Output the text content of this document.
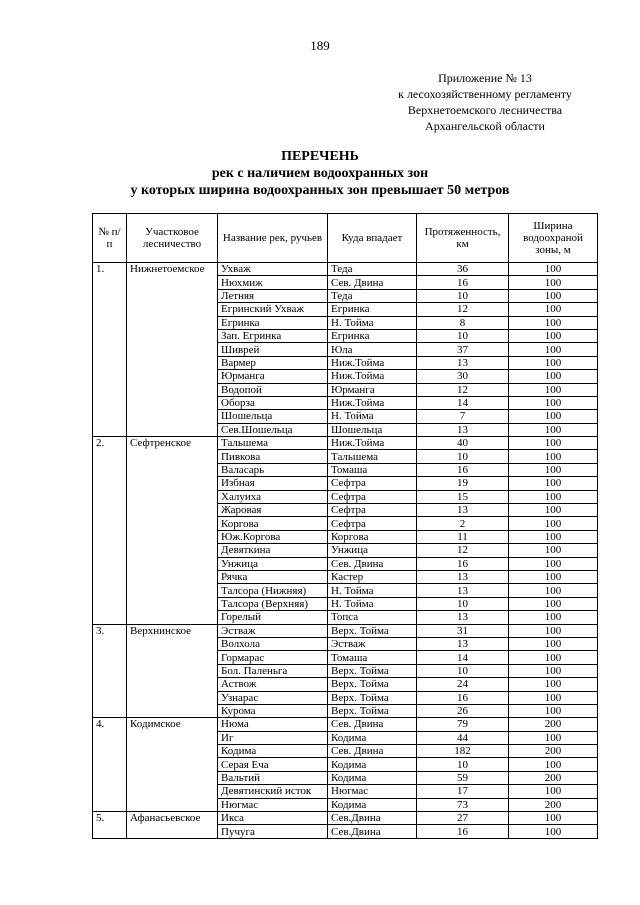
189
Приложение № 13
к лесохозяйственному регламенту
Верхнетоемского лесничества
Архангельской области
ПЕРЕЧЕНЬ
рек с наличием водоохранных зон
у которых ширина водоохранных зон превышает 50 метров
№ п/п	Участковое лесничество	Название рек, ручьев	Куда впадает	Протяженность, км	Ширина водоохраной зоны, м
1.	Нижнетоемское	Ухваж	Теда	36	100
		Нюхмиж	Сев. Двина	16	100
		Летняя	Теда	10	100
		Егринский Ухваж	Егринка	12	100
		Егринка	Н. Тойма	8	100
		Зап. Егринка	Егринка	10	100
		Шиврей	Юла	37	100
		Вармер	Ниж.Тойма	13	100
		Юрманга	Ниж.Тойма	30	100
		Водопой	Юрманга	12	100
		Оборза	Ниж.Тойма	14	100
		Шошельца	Н. Тойма	7	100
		Сев.Шошельца	Шошельца	13	100
2.	Сефтренское	Тальшема	Ниж.Тойма	40	100
		Пивкова	Тальшема	10	100
		Валасарь	Томаша	16	100
		Избная	Сефтра	19	100
		Халуиха	Сефтра	15	100
		Жаровая	Сефтра	13	100
		Коргова	Сефтра	2	100
		Юж.Коргова	Коргова	11	100
		Девяткина	Унжица	12	100
		Унжица	Сев. Двина	16	100
		Рячка	Кастер	13	100
		Талсора (Нижняя)	Н. Тойма	13	100
		Талсора (Верхняя)	Н. Тойма	10	100
		Горелый	Топса	13	100
3.	Верхнинское	Эстваж	Верх. Тойма	31	100
		Волхола	Эстваж	13	100
		Гормарас	Томаша	14	100
		Бол. Паленьга	Верх. Тойма	10	100
		Аствож	Верх. Тойма	24	100
		Узнарас	Верх. Тойма	16	100
		Курома	Верх. Тойма	26	100
4.	Кодимское	Нюма	Сев. Двина	79	200
		Иг	Кодима	44	100
		Кодима	Сев. Двина	182	200
		Серая Еча	Кодима	10	100
		Вальтий	Кодима	59	200
		Девятинский исток	Нюгмас	17	100
		Нюгмас	Кодима	73	200
5.	Афанасьевское	Икса	Сев.Двина	27	100
		Пучуга	Сев.Двина	16	100
